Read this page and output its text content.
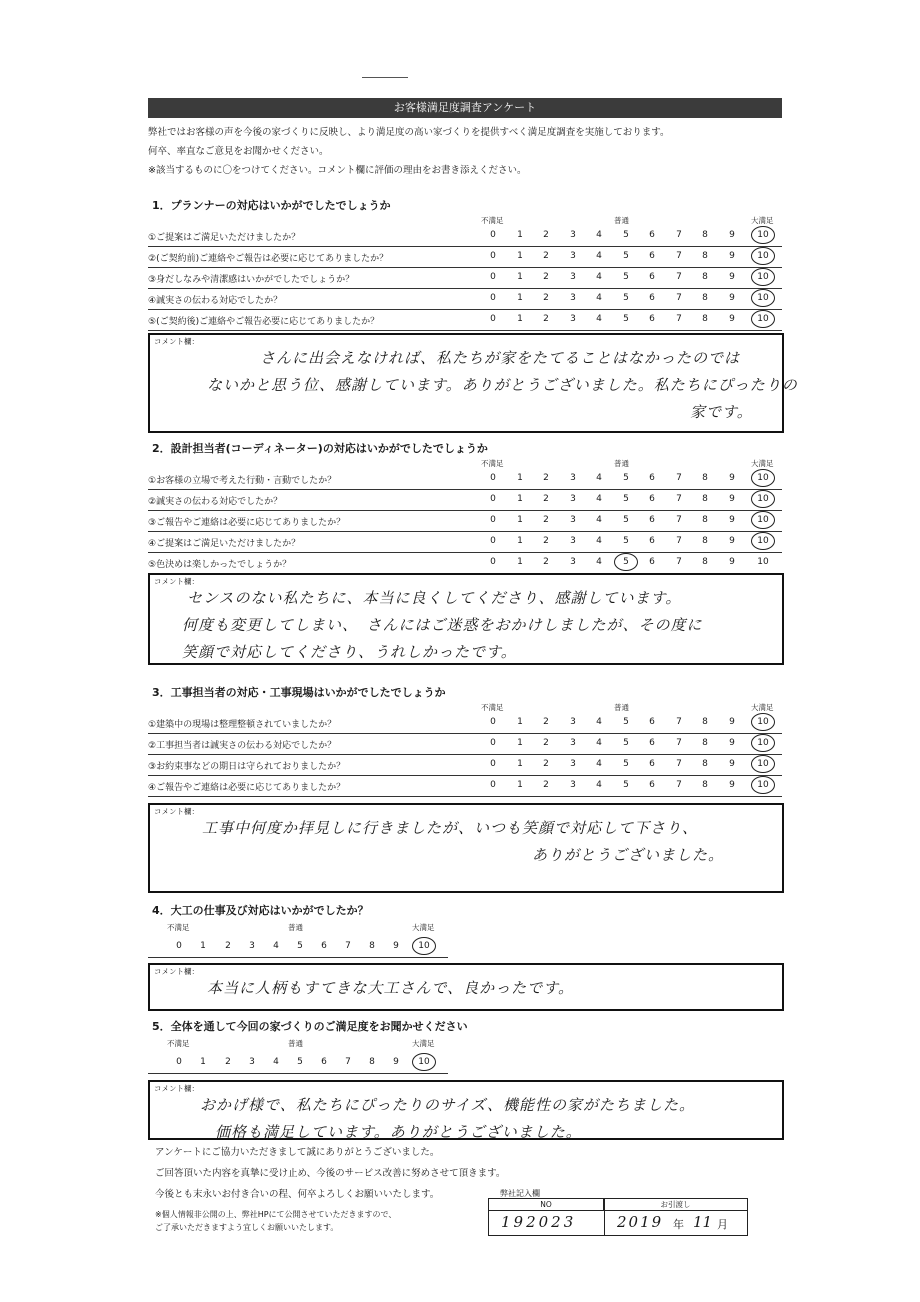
お客様満足度調査アンケート
弊社ではお客様の声を今後の家づくりに反映し、より満足度の高い家づくりを提供すべく満足度調査を実施しております。
何卒、率直なご意見をお聞かせください。
※該当するものに〇をつけてください。コメント欄に評価の理由をお書き添えください。
1．プランナーの対応はいかがでしたでしょうか
不満足	普通	大満足
①ご提案はご満足いただけましたか？	0	1	2	3	4	5	6	7	8	9	10
②(ご契約前)ご連絡やご報告は必要に応じてありましたか？	0	1	2	3	4	5	6	7	8	9	10
③身だしなみや清潔感はいかがでしたでしょうか？	0	1	2	3	4	5	6	7	8	9	10
④誠実さの伝わる対応でしたか？	0	1	2	3	4	5	6	7	8	9	10
⑤(ご契約後)ご連絡やご報告必要に応じてありましたか？	0	1	2	3	4	5	6	7	8	9	10
コメント欄：
さんに出会えなければ、私たちが家をたてることはなかったのでは
ないかと思う位、感謝しています。ありがとうございました。私たちにぴったりの
家です。
2．設計担当者(コーディネーター)の対応はいかがでしたでしょうか
不満足	普通	大満足
①お客様の立場で考えた行動・言動でしたか？	0	1	2	3	4	5	6	7	8	9	10
②誠実さの伝わる対応でしたか？	0	1	2	3	4	5	6	7	8	9	10
③ご報告やご連絡は必要に応じてありましたか？	0	1	2	3	4	5	6	7	8	9	10
④ご提案はご満足いただけましたか？	0	1	2	3	4	5	6	7	8	9	10
⑤色決めは楽しかったでしょうか？	0	1	2	3	4	5	6	7	8	9	10
コメント欄：
センスのない私たちに、本当に良くしてくださり、感謝しています。
何度も変更してしまい、　さんにはご迷惑をおかけしましたが、その度に
笑顔で対応してくださり、うれしかったです。
3．工事担当者の対応・工事現場はいかがでしたでしょうか
不満足	普通	大満足
①建築中の現場は整理整頓されていましたか？	0	1	2	3	4	5	6	7	8	9	10
②工事担当者は誠実さの伝わる対応でしたか？	0	1	2	3	4	5	6	7	8	9	10
③お約束事などの期日は守られておりましたか？	0	1	2	3	4	5	6	7	8	9	10
④ご報告やご連絡は必要に応じてありましたか？	0	1	2	3	4	5	6	7	8	9	10
コメント欄：
工事中何度か拝見しに行きましたが、いつも笑顔で対応して下さり、
ありがとうございました。
4．大工の仕事及び対応はいかがでしたか？
不満足	普通	大満足
0	1	2	3	4	5	6	7	8	9	10
コメント欄：
本当に人柄もすてきな大工さんで、良かったです。
5．全体を通して今回の家づくりのご満足度をお聞かせください
不満足	普通	大満足
0	1	2	3	4	5	6	7	8	9	10
コメント欄：
おかげ様で、私たちにぴったりのサイズ、機能性の家がたちました。
価格も満足しています。ありがとうございました。
アンケートにご協力いただきまして誠にありがとうございました。
ご回答頂いた内容を真摯に受け止め、今後のサービス改善に努めさせて頂きます。
今後とも末永いお付き合いの程、何卒よろしくお願いいたします。
※個人情報非公開の上、弊社HPにて公開させていただきますので、
ご了承いただきますよう宜しくお願いいたします。
弊社記入欄
NO	お引渡し
192023	2019 年 11 月
